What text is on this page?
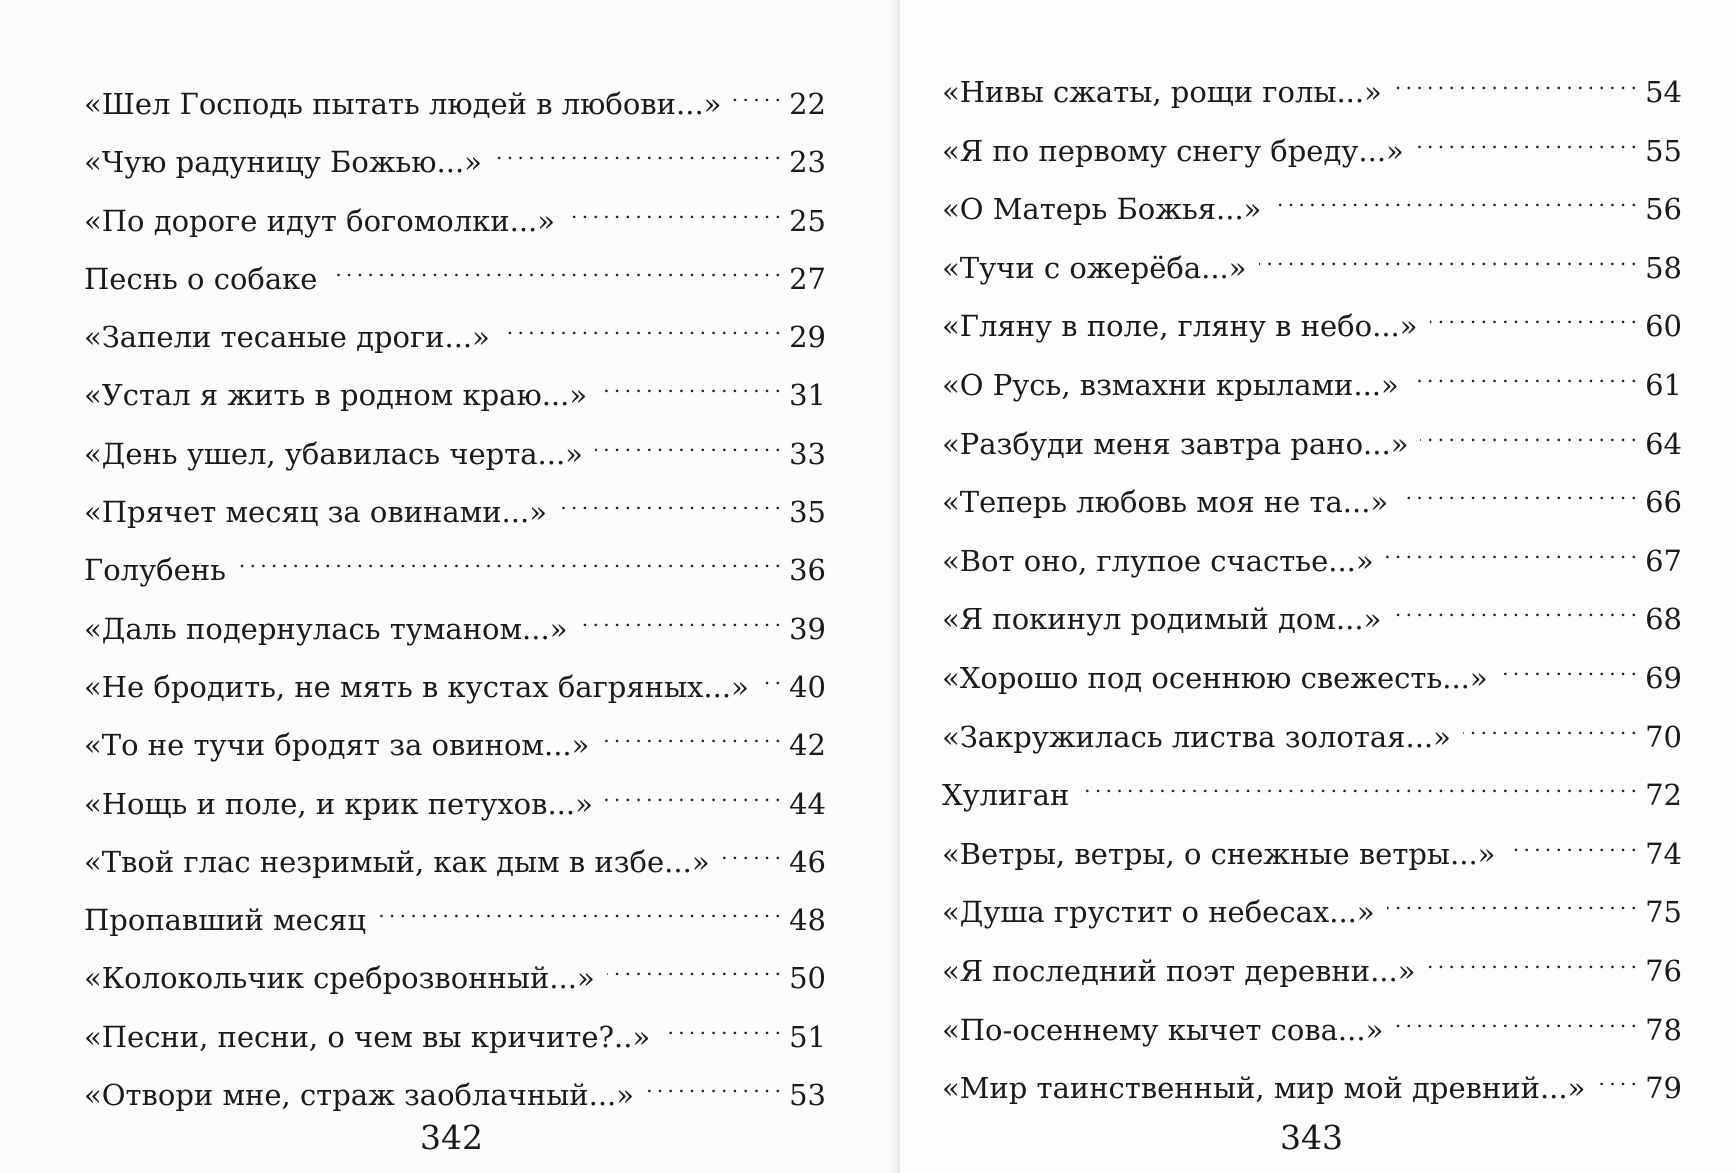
«Шел Господь пытать людей в любови...» . . . 22
«Чую радуницу Божью...» . . .	23
«По дороге идут богомолки...» . . .	25
Песнь о собаке . . .	27
«Запели тесаные дроги...» . . .	29
«Устал я жить в родном краю...» . . .	31
«День ушел, убавилась черта...» . . .	33
«Прячет месяц за овинами...» . . .	35
Голубень . . .	36
«Даль подернулась туманом...» . . .	39
«Не бродить, не мять в кустах багряных...» . . . 40
«То не тучи бродят за овином...» . . .	42
«Нощь и поле, и крик петухов...» . . .	44
«Твой глас незримый, как дым в избе...» . . .	46
Пропавший месяц . . .	48
«Колокольчик среброзвонный...» . . .	50
«Песни, песни, о чем вы кричите?..» . . .	51
«Отвори мне, страж заоблачный...» . . .	53
342
«Нивы сжаты, рощи голы...» . . .	54
«Я по первому снегу бреду...» . . .	55
«О Матерь Божья...» . . .	56
«Тучи с ожерёба...» . . .	58
«Гляну в поле, гляну в небо...» . . .	60
«О Русь, взмахни крылами...» . . .	61
«Разбуди меня завтра рано...» . . .	64
«Теперь любовь моя не та...» . . .	66
«Вот оно, глупое счастье...» . . .	67
«Я покинул родимый дом...» . . .	68
«Хорошо под осеннюю свежесть...» . . .	69
«Закружилась листва золотая...» . . .	70
Хулиган . . .	72
«Ветры, ветры, о снежные ветры...» . . .	74
«Душа грустит о небесах...» . . .	75
«Я последний поэт деревни...» . . .	76
«По-осеннему кычет сова...» . . .	78
«Мир таинственный, мир мой древний...» . . . 79
343
